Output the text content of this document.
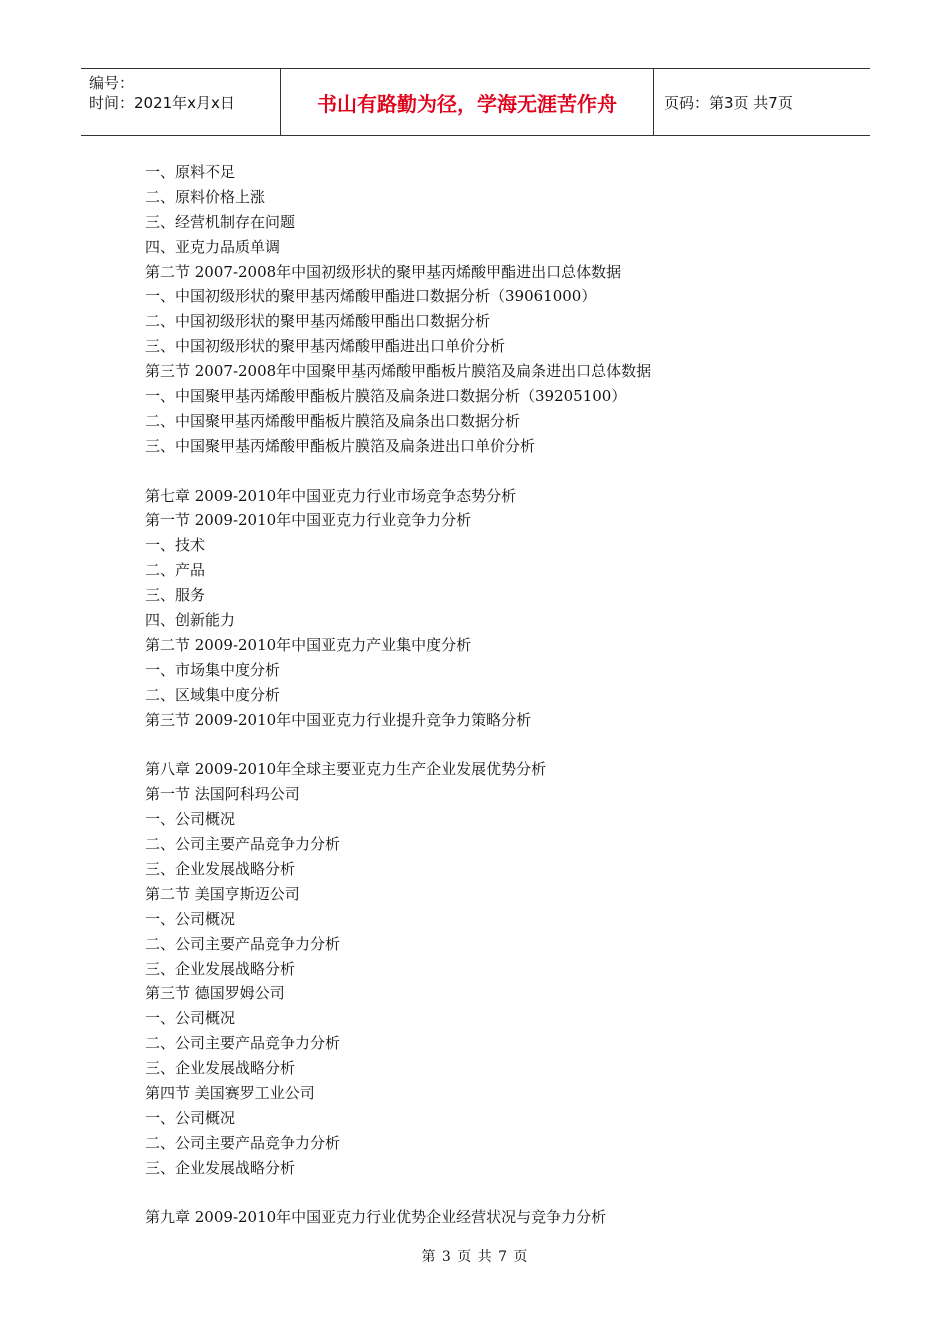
编号：
时间：2021年x月x日	书山有路勤为径，学海无涯苦作舟	页码：第3页 共7页
一、原料不足
二、原料价格上涨
三、经营机制存在问题
四、亚克力品质单调
第二节 2007-2008年中国初级形状的聚甲基丙烯酸甲酯进出口总体数据
一、中国初级形状的聚甲基丙烯酸甲酯进口数据分析（39061000）
二、中国初级形状的聚甲基丙烯酸甲酯出口数据分析
三、中国初级形状的聚甲基丙烯酸甲酯进出口单价分析
第三节 2007-2008年中国聚甲基丙烯酸甲酯板片膜箔及扁条进出口总体数据
一、中国聚甲基丙烯酸甲酯板片膜箔及扁条进口数据分析（39205100）
二、中国聚甲基丙烯酸甲酯板片膜箔及扁条出口数据分析
三、中国聚甲基丙烯酸甲酯板片膜箔及扁条进出口单价分析
第七章 2009-2010年中国亚克力行业市场竞争态势分析
第一节 2009-2010年中国亚克力行业竞争力分析
一、技术
二、产品
三、服务
四、创新能力
第二节 2009-2010年中国亚克力产业集中度分析
一、市场集中度分析
二、区域集中度分析
第三节 2009-2010年中国亚克力行业提升竞争力策略分析
第八章 2009-2010年全球主要亚克力生产企业发展优势分析
第一节 法国阿科玛公司
一、公司概况
二、公司主要产品竞争力分析
三、企业发展战略分析
第二节 美国亨斯迈公司
一、公司概况
二、公司主要产品竞争力分析
三、企业发展战略分析
第三节 德国罗姆公司
一、公司概况
二、公司主要产品竞争力分析
三、企业发展战略分析
第四节 美国赛罗工业公司
一、公司概况
二、公司主要产品竞争力分析
三、企业发展战略分析
第九章 2009-2010年中国亚克力行业优势企业经营状况与竞争力分析
第 3 页 共 7 页
